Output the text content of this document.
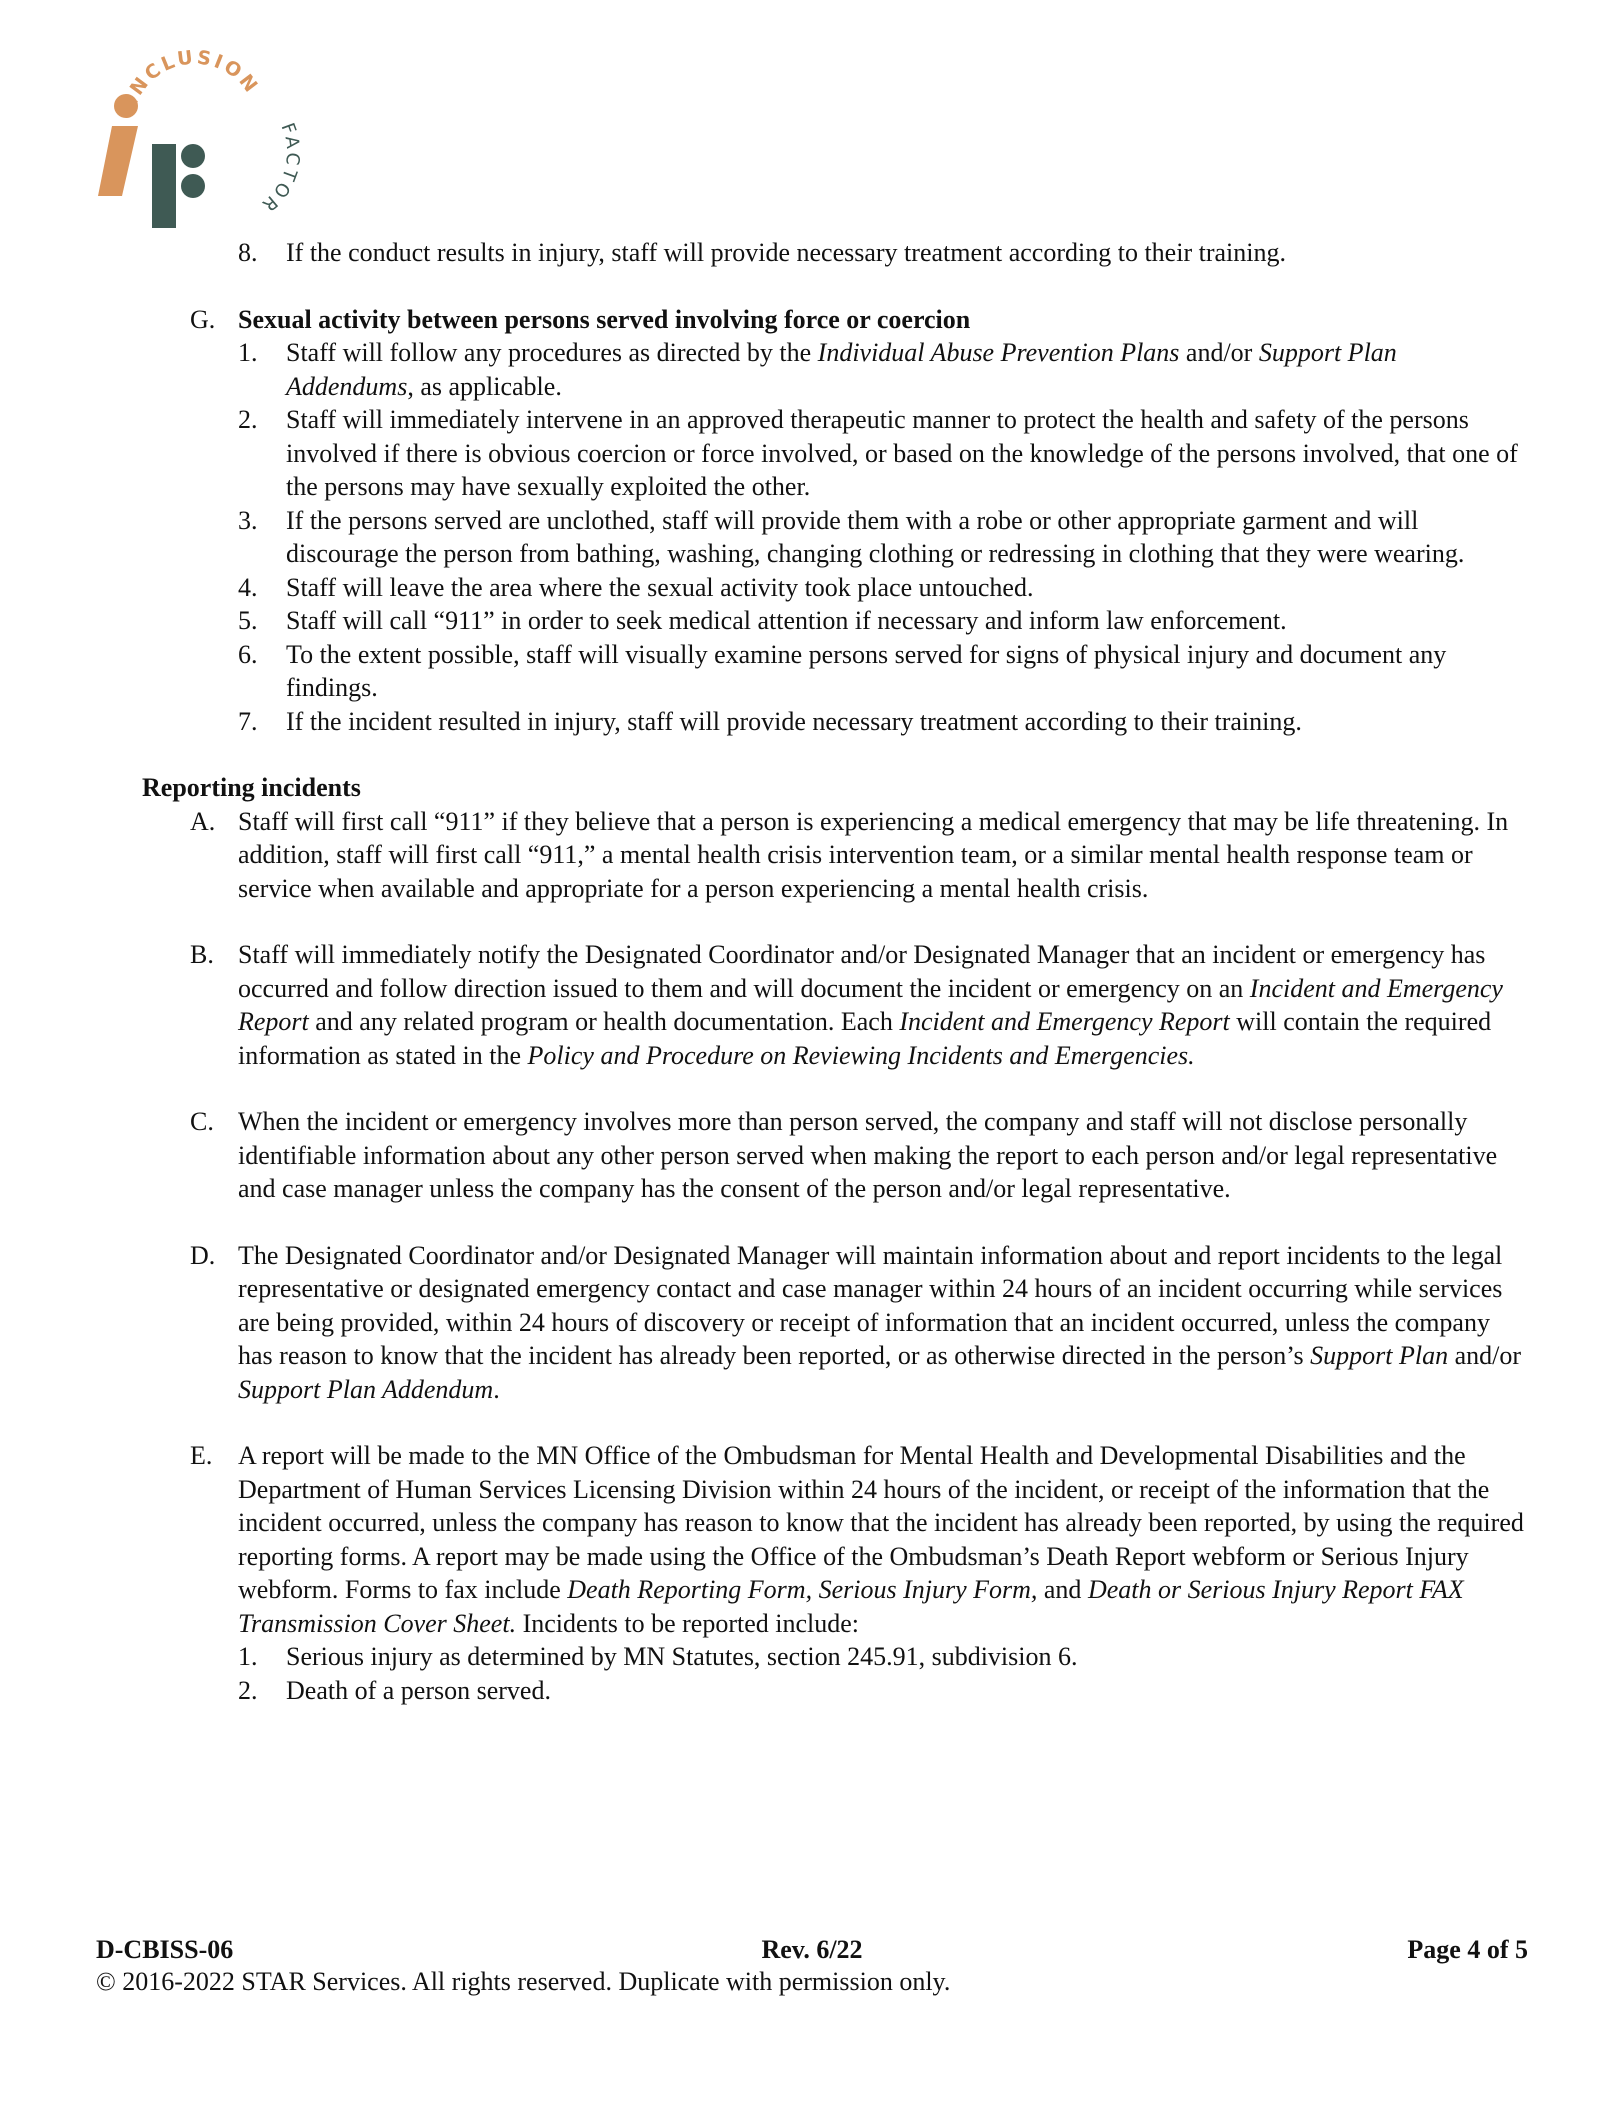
INCLUSION
FACTOR
8.	If the conduct results in injury, staff will provide necessary treatment according to their training.
G. Sexual activity between persons served involving force or coercion
1.	Staff will follow any procedures as directed by the Individual Abuse Prevention Plans and/or Support Plan Addendums, as applicable.
2.	Staff will immediately intervene in an approved therapeutic manner to protect the health and safety of the persons involved if there is obvious coercion or force involved, or based on the knowledge of the persons involved, that one of the persons may have sexually exploited the other.
3.	If the persons served are unclothed, staff will provide them with a robe or other appropriate garment and will discourage the person from bathing, washing, changing clothing or redressing in clothing that they were wearing.
4.	Staff will leave the area where the sexual activity took place untouched.
5.	Staff will call “911” in order to seek medical attention if necessary and inform law enforcement.
6.	To the extent possible, staff will visually examine persons served for signs of physical injury and document any findings.
7.	If the incident resulted in injury, staff will provide necessary treatment according to their training.
Reporting incidents
A. Staff will first call “911” if they believe that a person is experiencing a medical emergency that may be life threatening. In addition, staff will first call “911,” a mental health crisis intervention team, or a similar mental health response team or service when available and appropriate for a person experiencing a mental health crisis.
B. Staff will immediately notify the Designated Coordinator and/or Designated Manager that an incident or emergency has occurred and follow direction issued to them and will document the incident or emergency on an Incident and Emergency Report and any related program or health documentation. Each Incident and Emergency Report will contain the required information as stated in the Policy and Procedure on Reviewing Incidents and Emergencies.
C. When the incident or emergency involves more than person served, the company and staff will not disclose personally identifiable information about any other person served when making the report to each person and/or legal representative and case manager unless the company has the consent of the person and/or legal representative.
D. The Designated Coordinator and/or Designated Manager will maintain information about and report incidents to the legal representative or designated emergency contact and case manager within 24 hours of an incident occurring while services are being provided, within 24 hours of discovery or receipt of information that an incident occurred, unless the company has reason to know that the incident has already been reported, or as otherwise directed in the person’s Support Plan and/or Support Plan Addendum.
E. A report will be made to the MN Office of the Ombudsman for Mental Health and Developmental Disabilities and the Department of Human Services Licensing Division within 24 hours of the incident, or receipt of the information that the incident occurred, unless the company has reason to know that the incident has already been reported, by using the required reporting forms. A report may be made using the Office of the Ombudsman’s Death Report webform or Serious Injury webform. Forms to fax include Death Reporting Form, Serious Injury Form, and Death or Serious Injury Report FAX Transmission Cover Sheet. Incidents to be reported include:
1.	Serious injury as determined by MN Statutes, section 245.91, subdivision 6.
2.	Death of a person served.
D-CBISS-06	Rev. 6/22	Page 4 of 5
© 2016-2022 STAR Services. All rights reserved. Duplicate with permission only.
